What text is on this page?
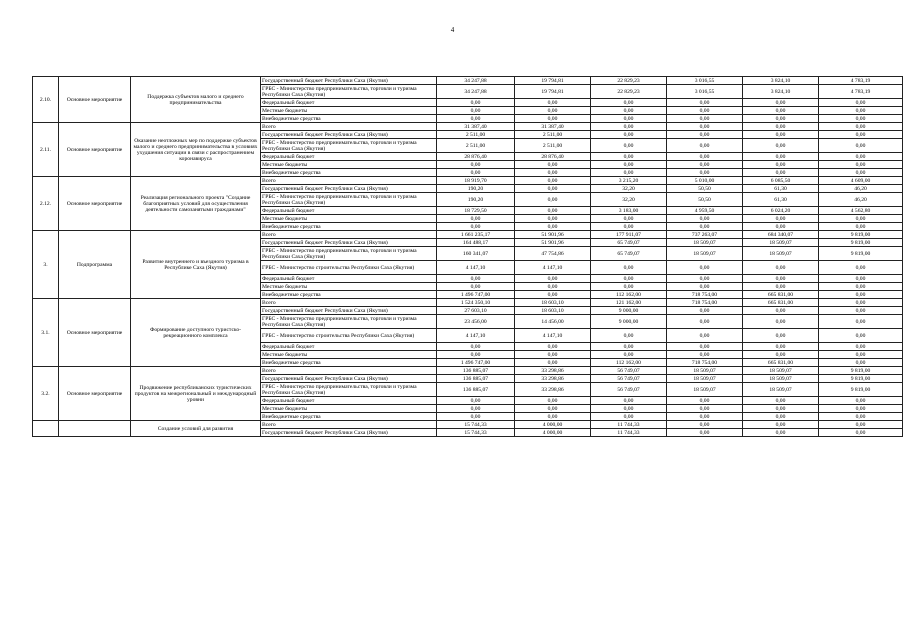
4
2.10.	Основное мероприятие	Поддержка субъектов малого и среднего предпринимательства	Государственный бюджет Республики Саха (Якутия)	34 247,88	19 794,81	22 829,23	3 016,55	3 824,10	4 783,19
			ГРБС - Министерство предпринимательства, торговли и туризма Республики Саха (Якутия)	34 247,88	19 794,81	22 829,23	3 016,55	3 824,10	4 783,19
			Федеральный бюджет	0,00	0,00	0,00	0,00	0,00	0,00
			Местные бюджеты	0,00	0,00	0,00	0,00	0,00	0,00
			Внебюджетные средства	0,00	0,00	0,00	0,00	0,00	0,00
2.11.	Основное мероприятие	Оказание неотложных мер по поддержке субъектов малого и среднего предпринимательства в условиях ухудшения ситуации в связи с распространением коронавируса	Всего	31 387,40	31 387,40	0,00	0,00	0,00	0,00
			Государственный бюджет Республики Саха (Якутия)	2 511,00	2 511,00	0,00	0,00	0,00	0,00
			ГРБС - Министерство предпринимательства, торговли и туризма Республики Саха (Якутия)	2 511,00	2 511,00	0,00	0,00	0,00	0,00
			Федеральный бюджет	28 876,40	28 876,40	0,00	0,00	0,00	0,00
			Местные бюджеты	0,00	0,00	0,00	0,00	0,00	0,00
			Внебюджетные средства	0,00	0,00	0,00	0,00	0,00	0,00
2.12.	Основное мероприятие	Реализация регионального проекта "Создание благоприятных условий для осуществления деятельности самозанятыми гражданами"	Всего	18 919,70	0,00	3 215,20	5 010,00	6 085,50	4 609,00
			Государственный бюджет Республики Саха (Якутия)	190,20	0,00	32,20	50,50	61,30	46,20
			ГРБС - Министерство предпринимательства, торговли и туризма Республики Саха (Якутия)	190,20	0,00	32,20	50,50	61,30	46,20
			Федеральный бюджет	18 729,50	0,00	3 183,00	4 959,50	6 024,20	4 562,80
			Местные бюджеты	0,00	0,00	0,00	0,00	0,00	0,00
			Внебюджетные средства	0,00	0,00	0,00	0,00	0,00	0,00
3.	Подпрограмма	Развитие внутреннего и въездного туризма в Республике Саха (Якутия)	Всего	1 661 235,17	51 901,96	177 911,07	737 263,07	684 340,07	9 819,00
			Государственный бюджет Республики Саха (Якутия)	164 488,17	51 901,96	65 749,07	18 509,07	18 509,07	9 819,00
			ГРБС - Министерство предпринимательства, торговли и туризма Республики Саха (Якутия)	160 341,07	47 754,86	65 749,07	18 509,07	18 509,07	9 819,00
			ГРБС - Министерство строительства Республики Саха (Якутия)	4 147,10	4 147,10	0,00	0,00	0,00	0,00
			Федеральный бюджет	0,00	0,00	0,00	0,00	0,00	0,00
			Местные бюджеты	0,00	0,00	0,00	0,00	0,00	0,00
			Внебюджетные средства	1 496 747,00	0,00	112 162,00	718 754,00	665 831,00	0,00
3.1.	Основное мероприятие	Формирование доступного туристско-рекреационного комплекса	Всего	1 524 350,10	18 603,10	121 162,00	718 754,00	665 831,00	0,00
			Государственный бюджет Республики Саха (Якутия)	27 603,10	18 603,10	9 000,00	0,00	0,00	0,00
			ГРБС - Министерство предпринимательства, торговли и туризма Республики Саха (Якутия)	23 456,00	14 456,00	9 000,00	0,00	0,00	0,00
			ГРБС - Министерство строительства Республики Саха (Якутия)	4 147,10	4 147,10	0,00	0,00	0,00	0,00
			Федеральный бюджет	0,00	0,00	0,00	0,00	0,00	0,00
			Местные бюджеты	0,00	0,00	0,00	0,00	0,00	0,00
			Внебюджетные средства	1 496 747,00	0,00	112 162,00	718 754,00	665 831,00	0,00
3.2.	Основное мероприятие	Продвижение республиканских туристических продуктов на межрегиональный и международный уровни	Всего	136 885,07	33 298,86	56 749,07	18 509,07	18 509,07	9 819,00
			Государственный бюджет Республики Саха (Якутия)	136 885,07	33 298,86	56 749,07	18 509,07	18 509,07	9 819,00
			ГРБС - Министерство предпринимательства, торговли и туризма Республики Саха (Якутия)	136 885,07	33 298,86	56 749,07	18 509,07	18 509,07	9 819,00
			Федеральный бюджет	0,00	0,00	0,00	0,00	0,00	0,00
			Местные бюджеты	0,00	0,00	0,00	0,00	0,00	0,00
			Внебюджетные средства	0,00	0,00	0,00	0,00	0,00	0,00
		Создание условий для развития	Всего	15 744,33	4 000,00	11 744,33	0,00	0,00	0,00
			Государственный бюджет Республики Саха (Якутия)	15 744,33	4 000,00	11 744,33	0,00	0,00	0,00
